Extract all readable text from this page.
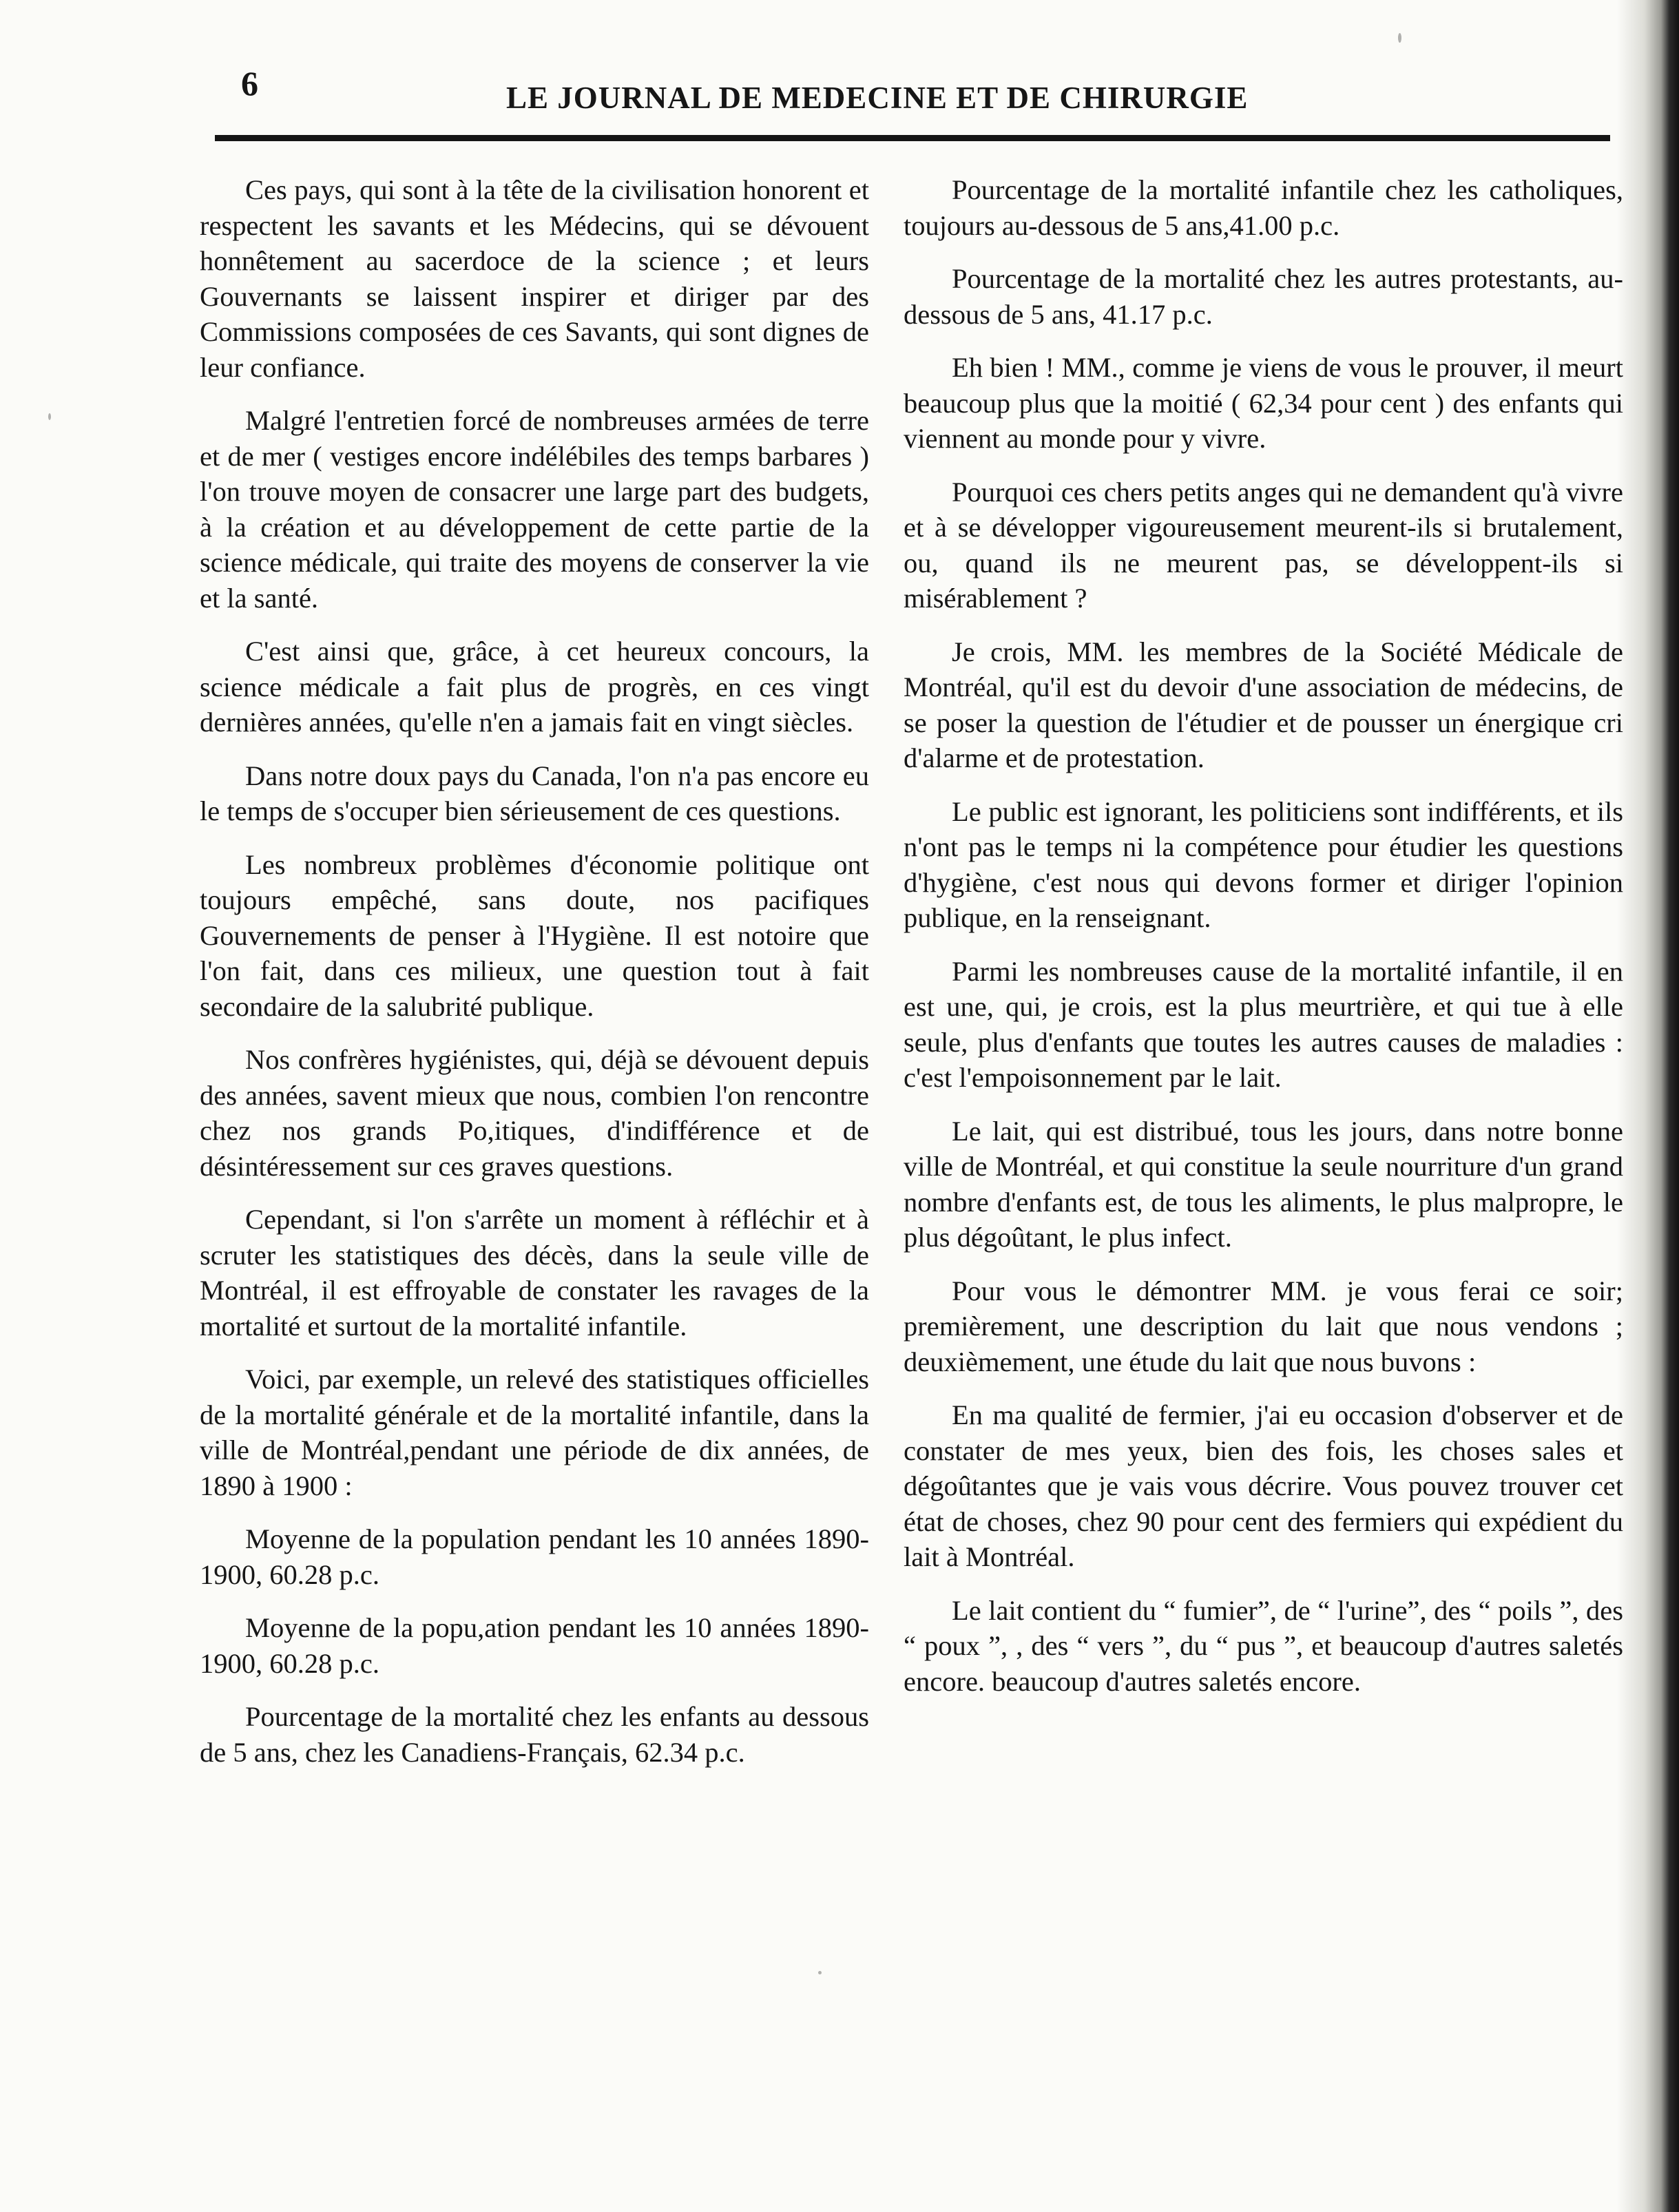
6	LE JOURNAL DE MEDECINE ET DE CHIRURGIE

Ces pays, qui sont à la tête de la civilisation honorent et respectent les savants et les Médecins, qui se dévouent honnêtement au sacerdoce de la science ; et leurs Gouvernants se laissent inspirer et diriger par des Commissions composées de ces Savants, qui sont dignes de leur confiance.

Malgré l'entretien forcé de nombreuses armées de terre et de mer ( vestiges encore indélébiles des temps barbares ) l'on trouve moyen de consacrer une large part des budgets, à la création et au développement de cette partie de la science médicale, qui traite des moyens de conserver la vie et la santé.

C'est ainsi que, grâce, à cet heureux concours, la science médicale a fait plus de progrès, en ces vingt dernières années, qu'elle n'en a jamais fait en vingt siècles.

Dans notre doux pays du Canada, l'on n'a pas encore eu le temps de s'occuper bien sérieusement de ces questions.

Les nombreux problèmes d'économie politique ont toujours empêché, sans doute, nos pacifiques Gouvernements de penser à l'Hygiène. Il est notoire que l'on fait, dans ces milieux, une question tout à fait secondaire de la salubrité publique.

Nos confrères hygiénistes, qui, déjà se dévouent depuis des années, savent mieux que nous, combien l'on rencontre chez nos grands Po,itiques, d'indifférence et de désintéressement sur ces graves questions.

Cependant, si l'on s'arrête un moment à réfléchir et à scruter les statistiques des décès, dans la seule ville de Montréal, il est effroyable de constater les ravages de la mortalité et surtout de la mortalité infantile.

Voici, par exemple, un relevé des statistiques officielles de la mortalité générale et de la mortalité infantile, dans la ville de Montréal,pendant une période de dix années, de 1890 à 1900 :

Moyenne de la population pendant les 10 années 1890-1900, 60.28 p.c.

Moyenne de la popu,ation pendant les 10 années 1890-1900, 60.28 p.c.

Pourcentage de la mortalité chez les enfants au dessous de 5 ans, chez les Canadiens-Français, 62.34 p.c.

Pourcentage de la mortalité infantile chez les catholiques, toujours au-dessous de 5 ans,41.00 p.c.

Pourcentage de la mortalité chez les autres protestants, au-dessous de 5 ans, 41.17 p.c.

Eh bien ! MM., comme je viens de vous le prouver, il meurt beaucoup plus que la moitié ( 62,34 pour cent ) des enfants qui viennent au monde pour y vivre.

Pourquoi ces chers petits anges qui ne demandent qu'à vivre et à se développer vigoureusement meurent-ils si brutalement, ou, quand ils ne meurent pas, se développent-ils si misérablement ?

Je crois, MM. les membres de la Société Médicale de Montréal, qu'il est du devoir d'une association de médecins, de se poser la question de l'étudier et de pousser un énergique cri d'alarme et de protestation.

Le public est ignorant, les politiciens sont indifférents, et ils n'ont pas le temps ni la compétence pour étudier les questions d'hygiène, c'est nous qui devons former et diriger l'opinion publique, en la renseignant.

Parmi les nombreuses cause de la mortalité infantile, il en est une, qui, je crois, est la plus meurtrière, et qui tue à elle seule, plus d'enfants que toutes les autres causes de maladies : c'est l'empoisonnement par le lait.

Le lait, qui est distribué, tous les jours, dans notre bonne ville de Montréal, et qui constitue la seule nourriture d'un grand nombre d'enfants est, de tous les aliments, le plus malpropre, le plus dégoûtant, le plus infect.

Pour vous le démontrer MM. je vous ferai ce soir; premièrement, une description du lait que nous vendons ; deuxièmement, une étude du lait que nous buvons :

En ma qualité de fermier, j'ai eu occasion d'observer et de constater de mes yeux, bien des fois, les choses sales et dégoûtantes que je vais vous décrire. Vous pouvez trouver cet état de choses, chez 90 pour cent des fermiers qui expédient du lait à Montréal.

Le lait contient du “ fumier”, de “ l'urine”, des “ poils ”, des “ poux ”, , des “ vers ”, du “ pus ”, et beaucoup d'autres saletés encore. beaucoup d'autres saletés encore.
